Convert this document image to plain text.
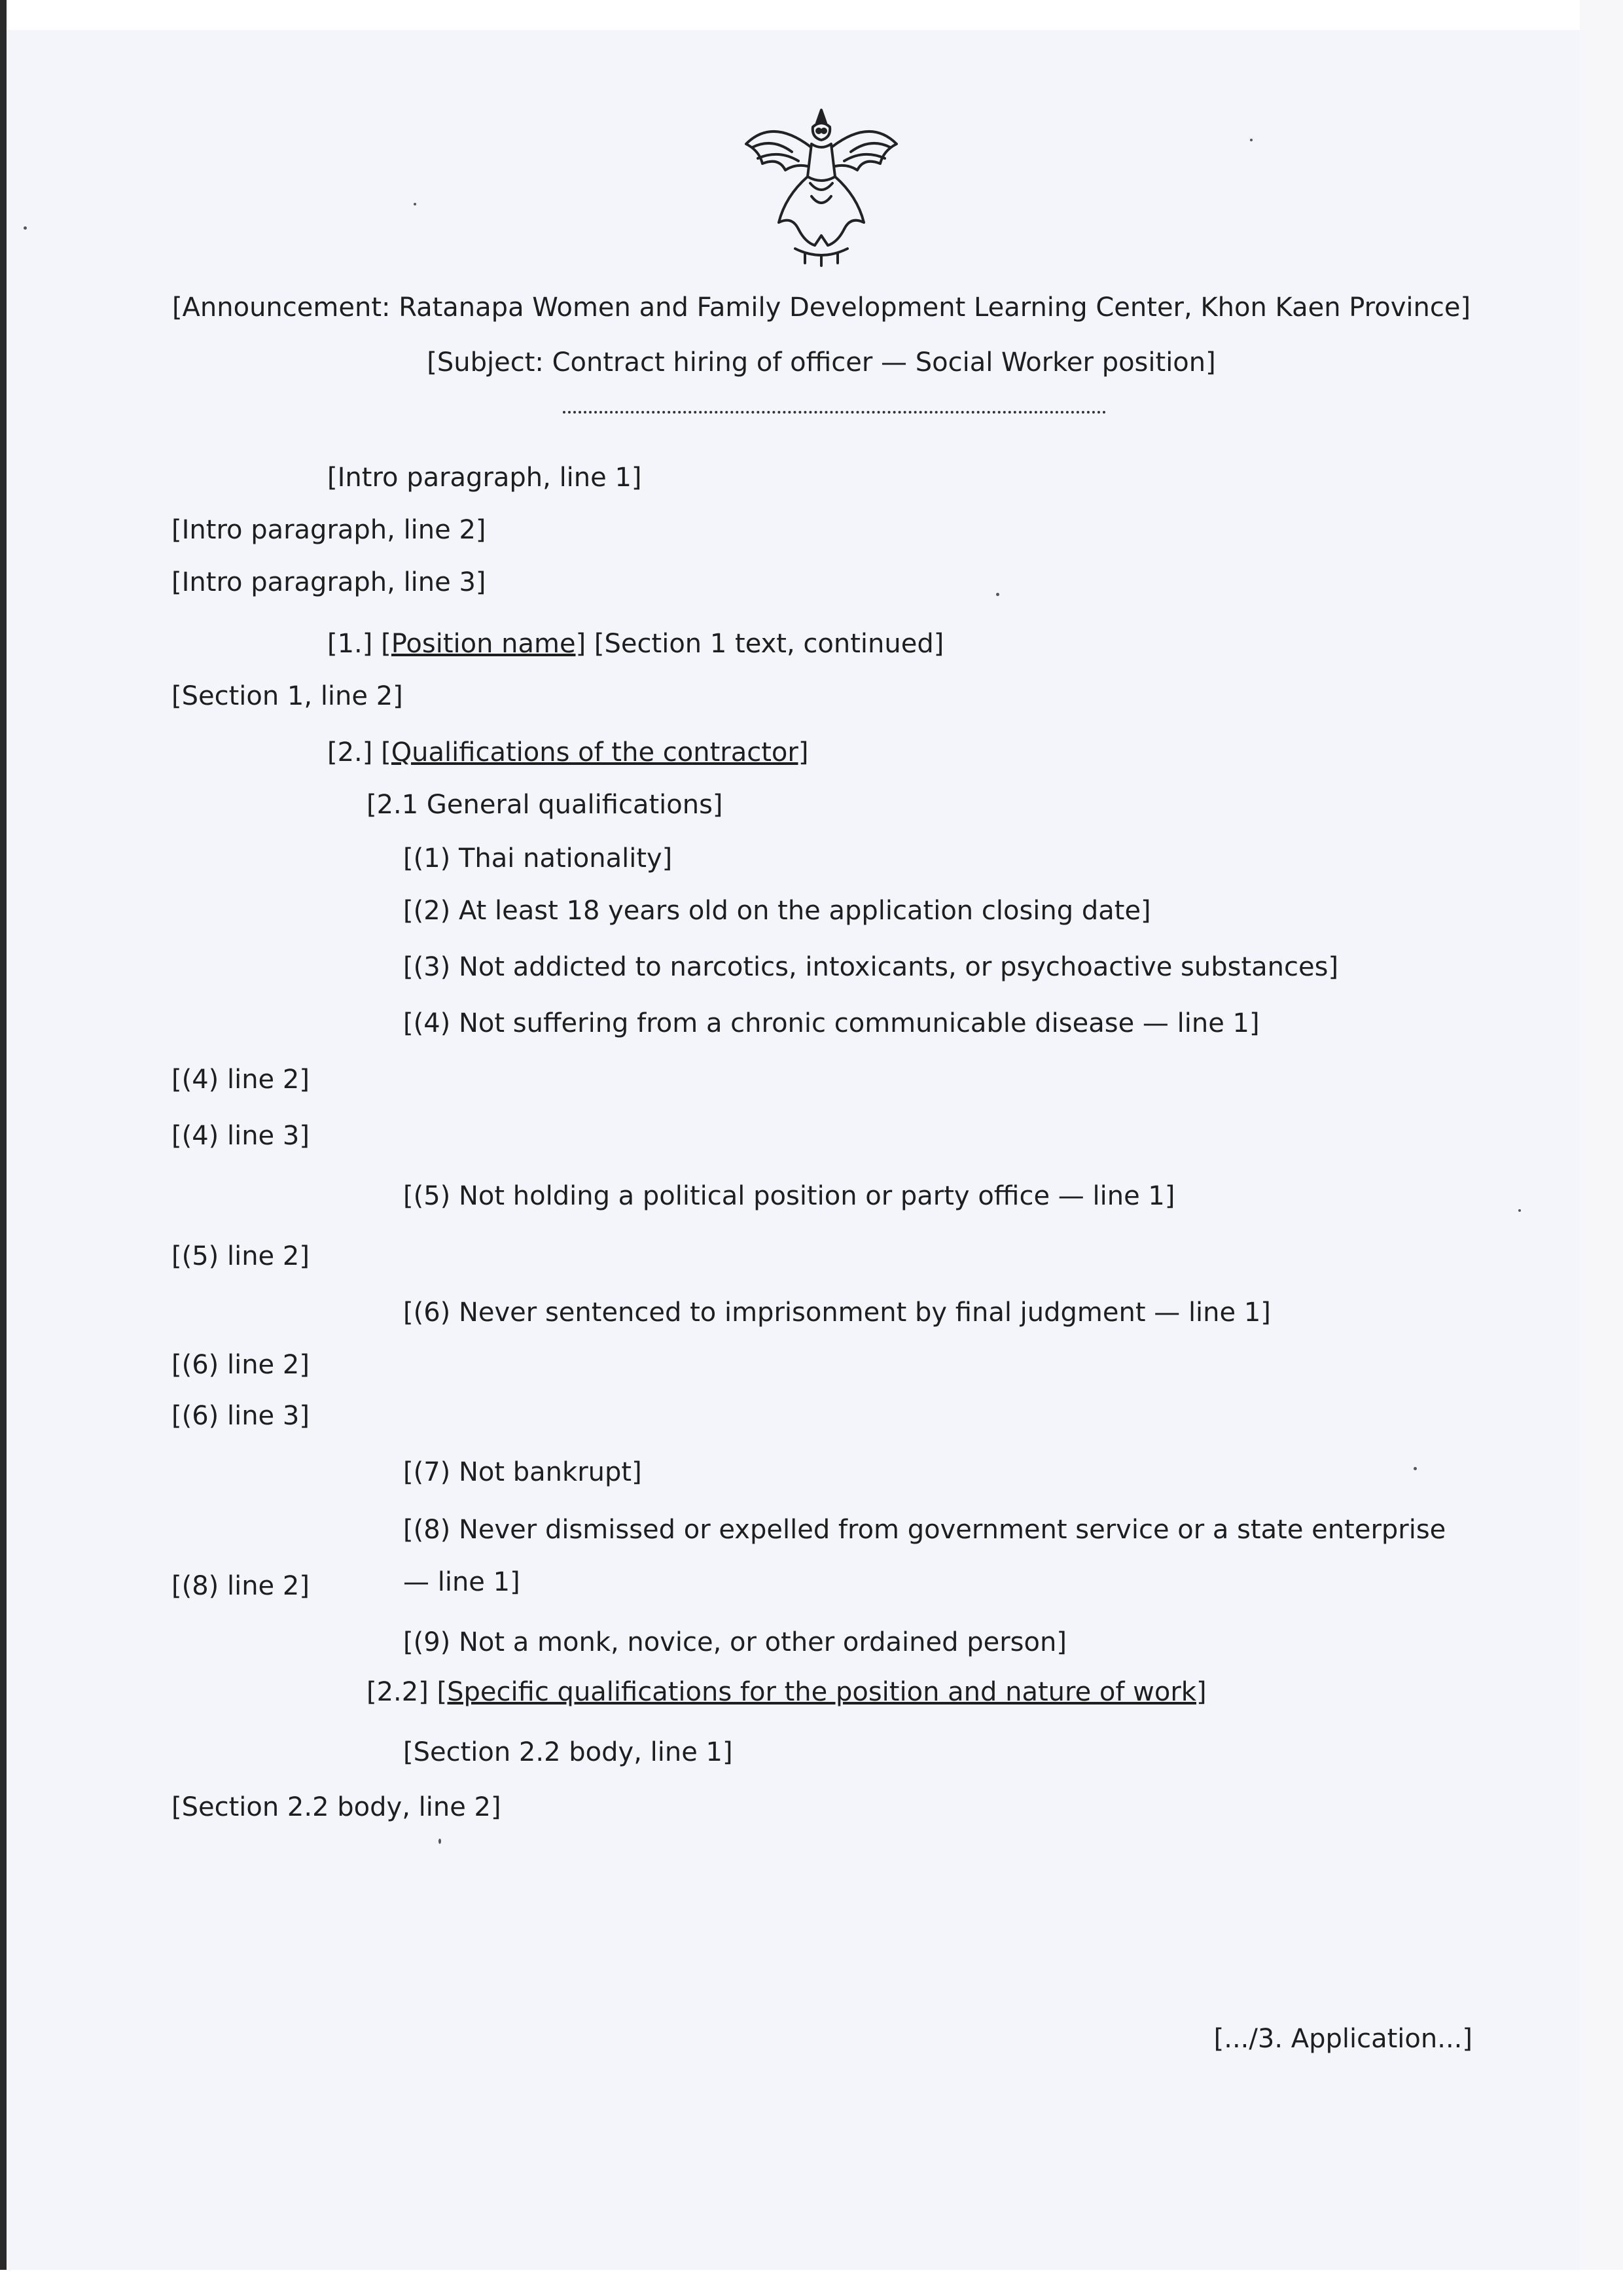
[Announcement: Ratanapa Women and Family Development Learning Center, Khon Kaen Province]
[Subject: Contract hiring of officer — Social Worker position]
[Intro paragraph, line 1]
[Intro paragraph, line 2]
[Intro paragraph, line 3]
[1.] [Position name] [Section 1 text, continued]
[Section 1, line 2]
[2.] [Qualifications of the contractor]
[2.1 General qualifications]
[(1) Thai nationality]
[(2) At least 18 years old on the application closing date]
[(3) Not addicted to narcotics, intoxicants, or psychoactive substances]
[(4) Not suffering from a chronic communicable disease — line 1]
[(4) line 2]
[(4) line 3]
[(5) Not holding a political position or party office — line 1]
[(5) line 2]
[(6) Never sentenced to imprisonment by final judgment — line 1]
[(6) line 2]
[(6) line 3]
[(7) Not bankrupt]
[(8) Never dismissed or expelled from government service or a state enterprise — line 1]
[(8) line 2]
[(9) Not a monk, novice, or other ordained person]
[2.2] [Specific qualifications for the position and nature of work]
[Section 2.2 body, line 1]
[Section 2.2 body, line 2]
[.../3. Application...]
